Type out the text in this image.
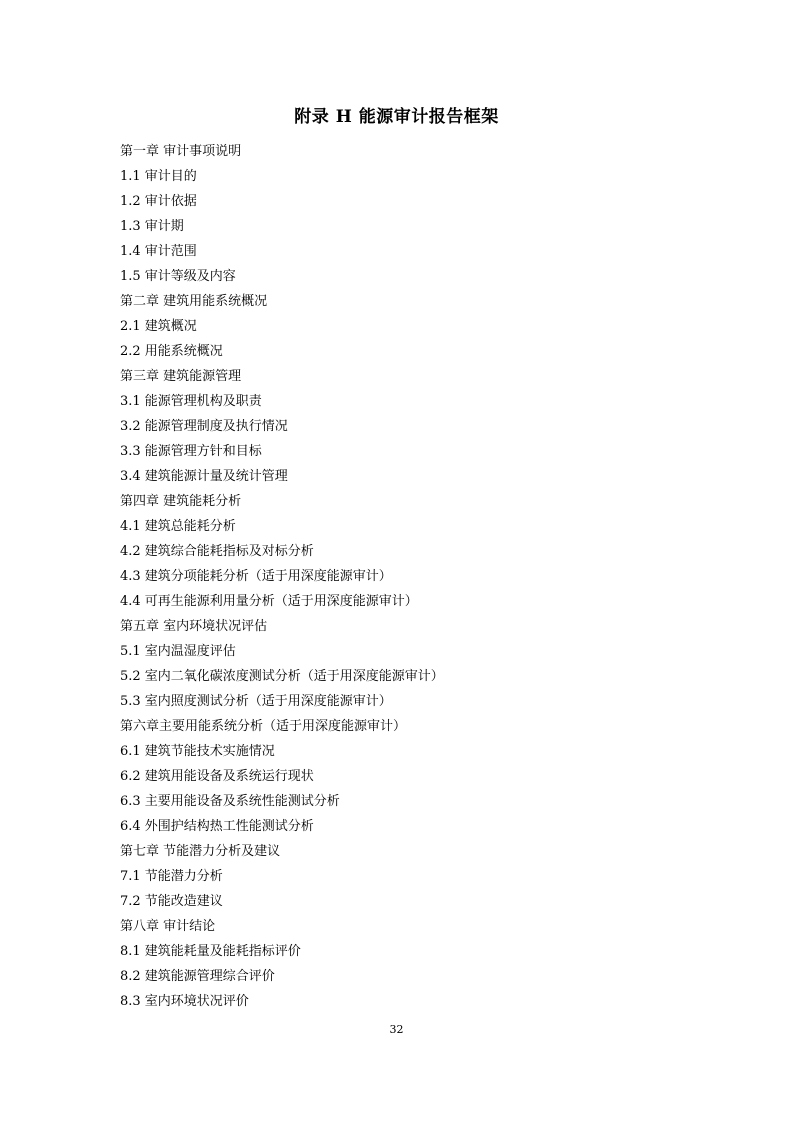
附录 H 能源审计报告框架
第一章 审计事项说明
1.1 审计目的
1.2 审计依据
1.3 审计期
1.4 审计范围
1.5 审计等级及内容
第二章 建筑用能系统概况
2.1 建筑概况
2.2 用能系统概况
第三章 建筑能源管理
3.1 能源管理机构及职责
3.2 能源管理制度及执行情况
3.3 能源管理方针和目标
3.4 建筑能源计量及统计管理
第四章 建筑能耗分析
4.1 建筑总能耗分析
4.2 建筑综合能耗指标及对标分析
4.3 建筑分项能耗分析（适于用深度能源审计）
4.4 可再生能源利用量分析（适于用深度能源审计）
第五章 室内环境状况评估
5.1 室内温湿度评估
5.2 室内二氧化碳浓度测试分析（适于用深度能源审计）
5.3 室内照度测试分析（适于用深度能源审计）
第六章主要用能系统分析（适于用深度能源审计）
6.1 建筑节能技术实施情况
6.2 建筑用能设备及系统运行现状
6.3 主要用能设备及系统性能测试分析
6.4 外围护结构热工性能测试分析
第七章 节能潜力分析及建议
7.1 节能潜力分析
7.2 节能改造建议
第八章 审计结论
8.1 建筑能耗量及能耗指标评价
8.2 建筑能源管理综合评价
8.3 室内环境状况评价
32
